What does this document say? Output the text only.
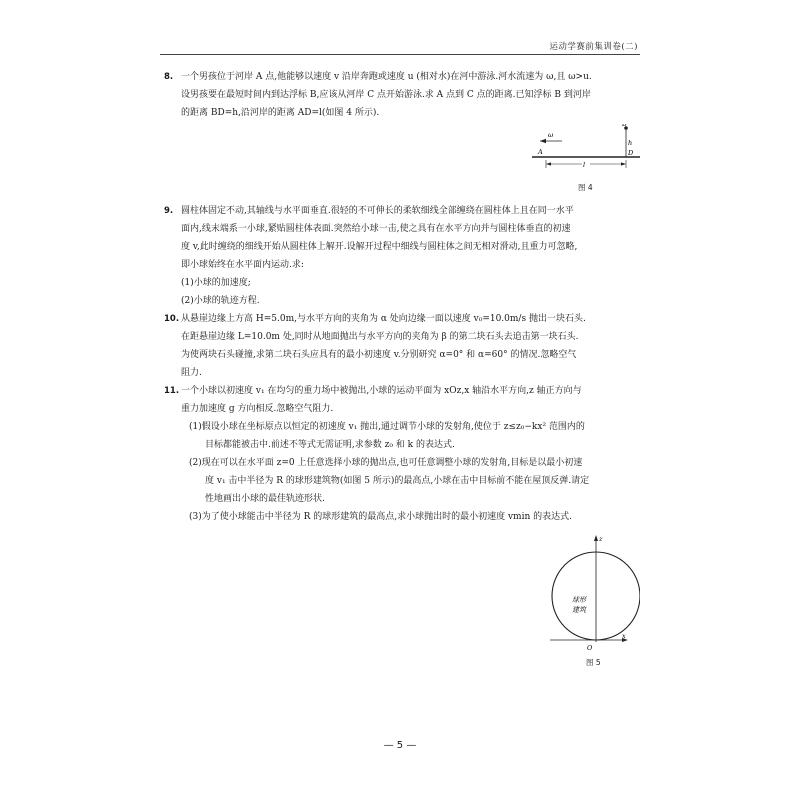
运动学赛前集训卷(二)
8. 一个男孩位于河岸 A 点,他能够以速度 v 沿岸奔跑或速度 u (相对水)在河中游泳.河水流速为 ω,且 ω>u.
设男孩要在最短时间内到达浮标 B,应该从河岸 C 点开始游泳.求 A 点到 C 点的距离.已知浮标 B 到河岸
的距离 BD=h,沿河岸的距离 AD=l(如图 4 所示).
B
h
ω
A
l
D
图 4
9. 圆柱体固定不动,其轴线与水平面垂直.很轻的不可伸长的柔软细线全部缠绕在圆柱体上且在同一水平
面内,线末端系一小球,紧贴圆柱体表面.突然给小球一击,使之具有在水平方向并与圆柱体垂直的初速
度 v,此时缠绕的细线开始从圆柱体上解开.设解开过程中细线与圆柱体之间无相对滑动,且重力可忽略,
即小球始终在水平面内运动.求:
(1)小球的加速度;
(2)小球的轨迹方程.
10. 从悬崖边缘上方高 H=5.0m,与水平方向的夹角为 α 处向边缘一面以速度 v₀=10.0m/s 抛出一块石头.
在距悬崖边缘 L=10.0m 处,同时从地面抛出与水平方向的夹角为 β 的第二块石头去追击第一块石头.
为使两块石头碰撞,求第二块石头应具有的最小初速度 v.分别研究 α=0° 和 α=60° 的情况.忽略空气
阻力.
11. 一个小球以初速度 v₁ 在均匀的重力场中被抛出,小球的运动平面为 xOz,x 轴沿水平方向,z 轴正方向与
重力加速度 g 方向相反.忽略空气阻力.
(1)假设小球在坐标原点以恒定的初速度 v₁ 抛出,通过调节小球的发射角,使位于 z≤z₀−kx² 范围内的
目标都能被击中.前述不等式无需证明,求参数 z₀ 和 k 的表达式.
(2)现在可以在水平面 z=0 上任意选择小球的抛出点,也可任意调整小球的发射角,目标是以最小初速
度 v₁ 击中半径为 R 的球形建筑物(如图 5 所示)的最高点,小球在击中目标前不能在屋顶反弹.请定
性地画出小球的最佳轨迹形状.
(3)为了使小球能击中半径为 R 的球形建筑的最高点,求小球抛出时的最小初速度 vmin 的表达式.
z
x
O
球形
建筑
图 5
— 5 —
